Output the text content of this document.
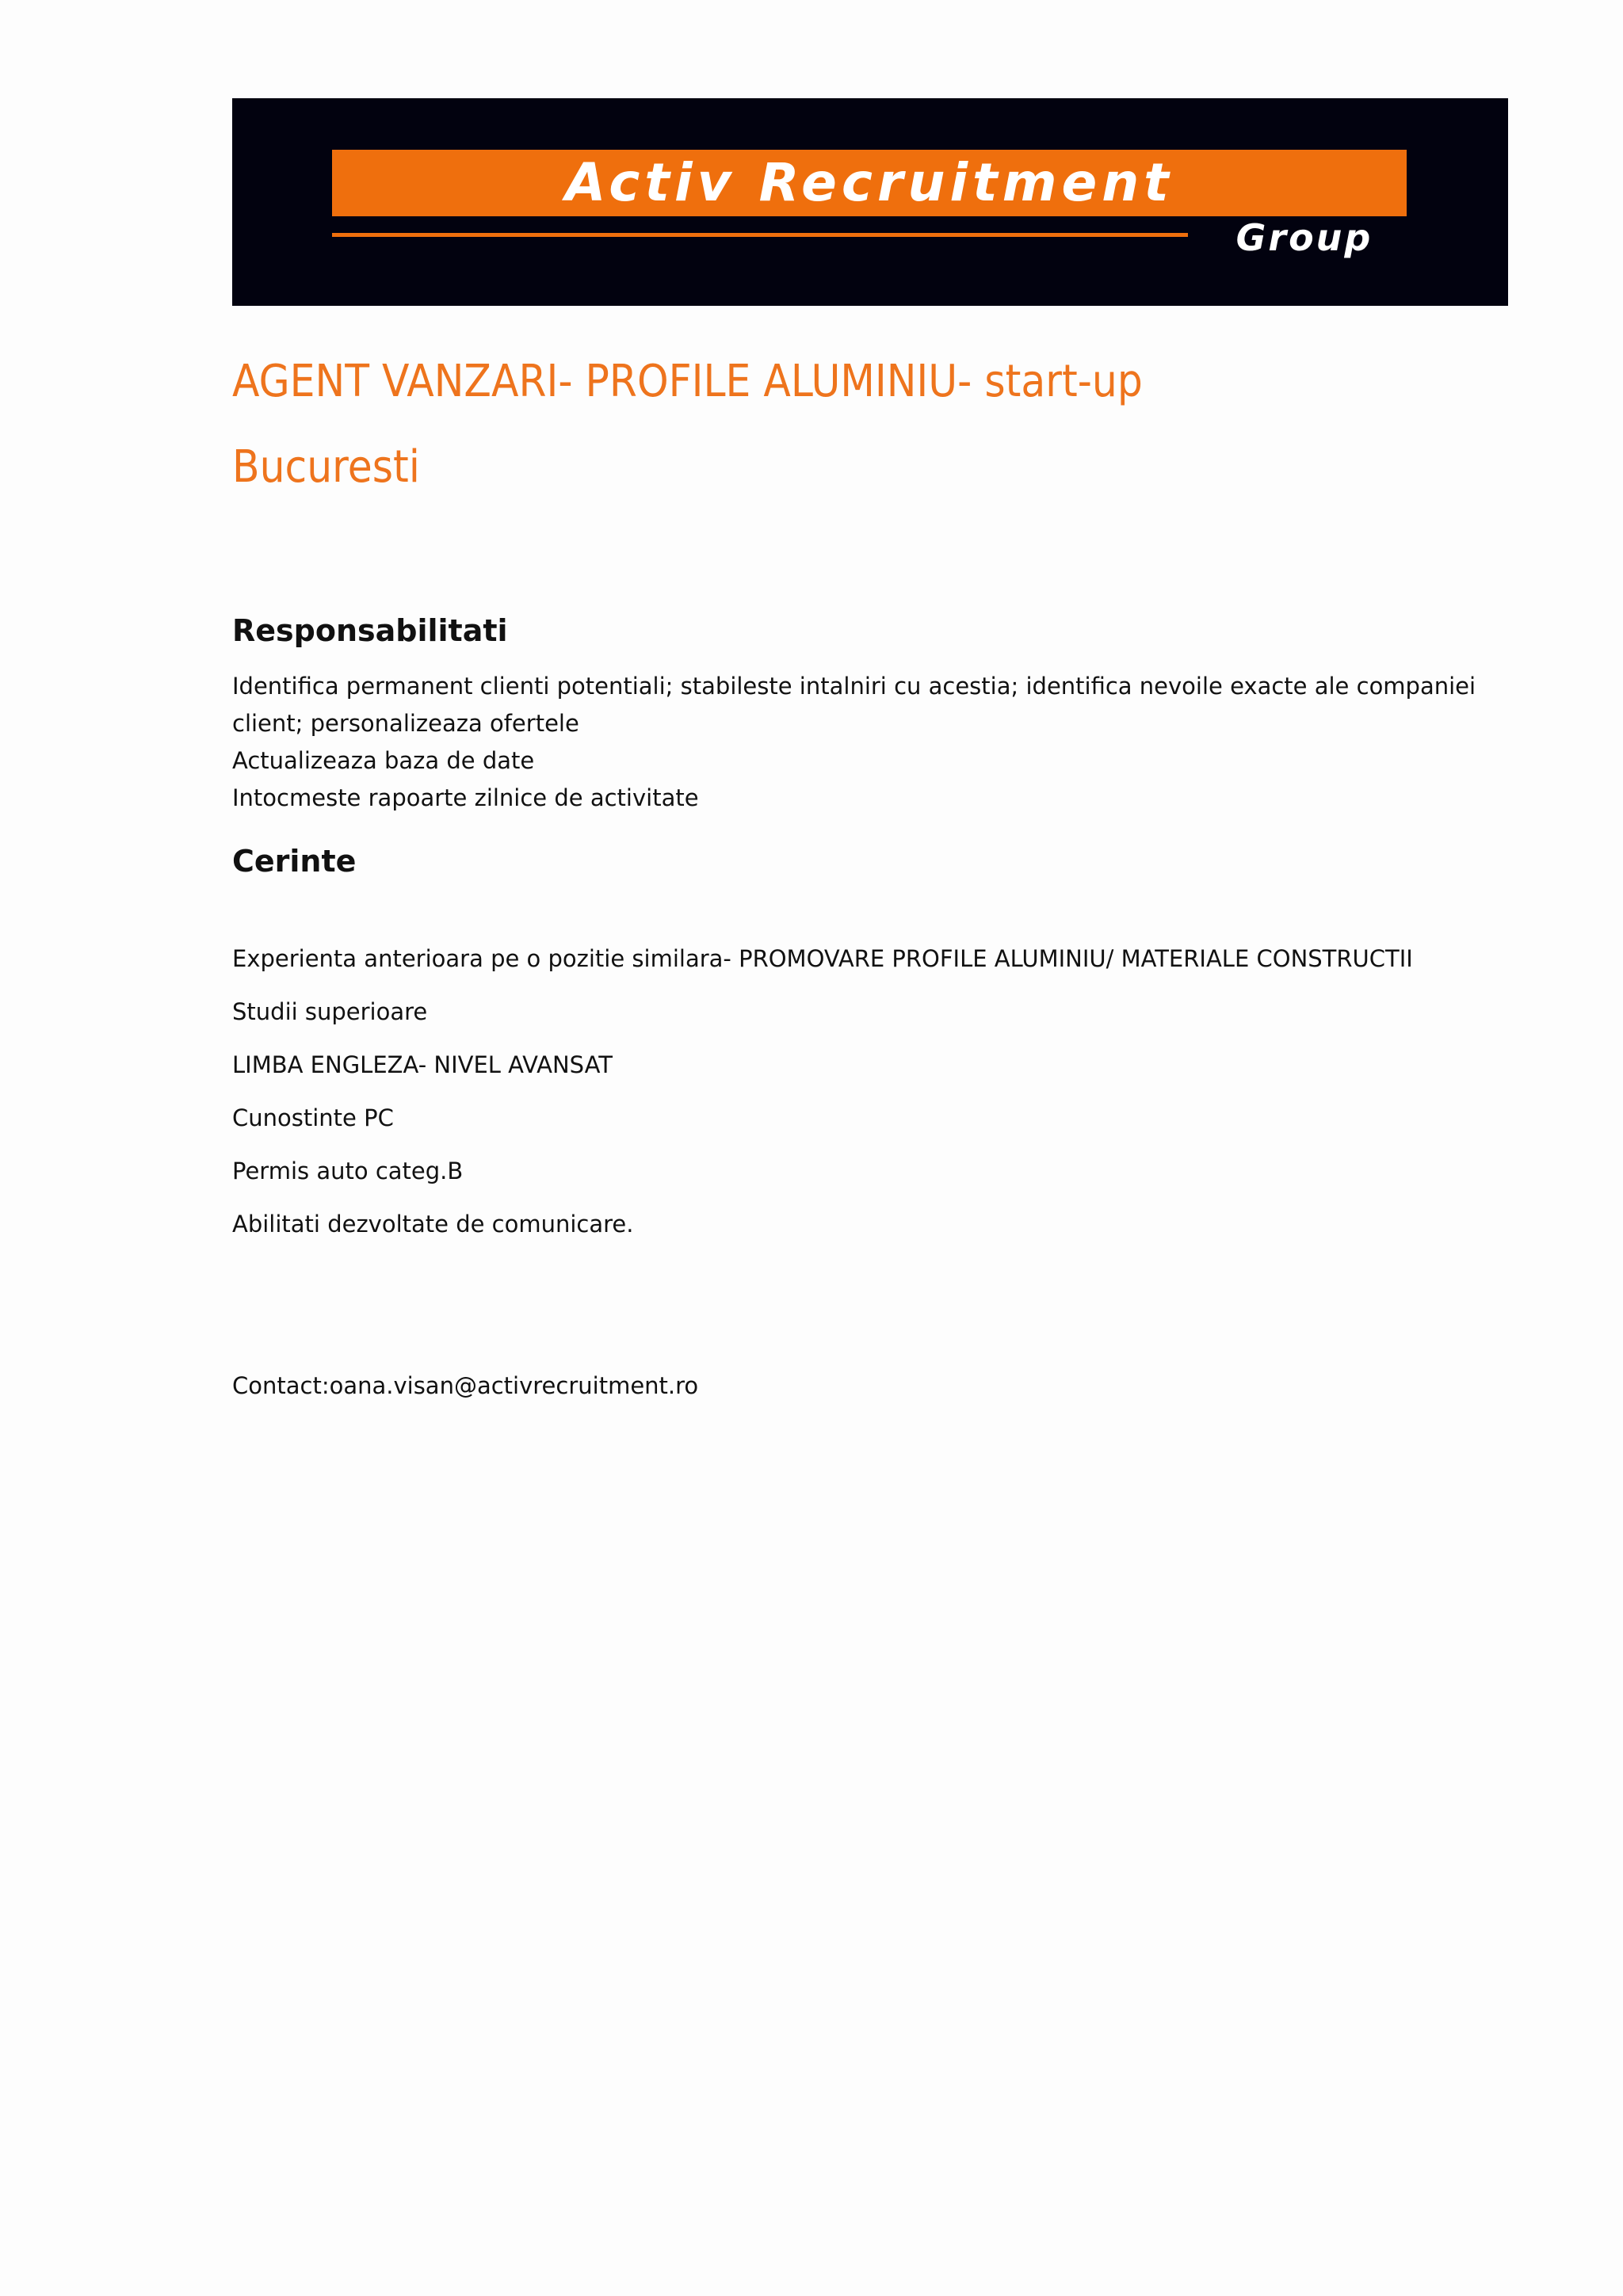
Activ Recruitment
Group
AGENT VANZARI- PROFILE ALUMINIU- start-up
Bucuresti
Responsabilitati
Identifica permanent clienti potentiali; stabileste intalniri cu acestia; identifica nevoile exacte ale companiei
client; personalizeaza ofertele
Actualizeaza baza de date
Intocmeste rapoarte zilnice de activitate
Cerinte

Experienta anterioara pe o pozitie similara- PROMOVARE PROFILE ALUMINIU/ MATERIALE CONSTRUCTII

Studii superioare

LIMBA ENGLEZA- NIVEL AVANSAT

Cunostinte PC

Permis auto categ.B

Abilitati dezvoltate de comunicare.

Contact:oana.visan@activrecruitment.ro
